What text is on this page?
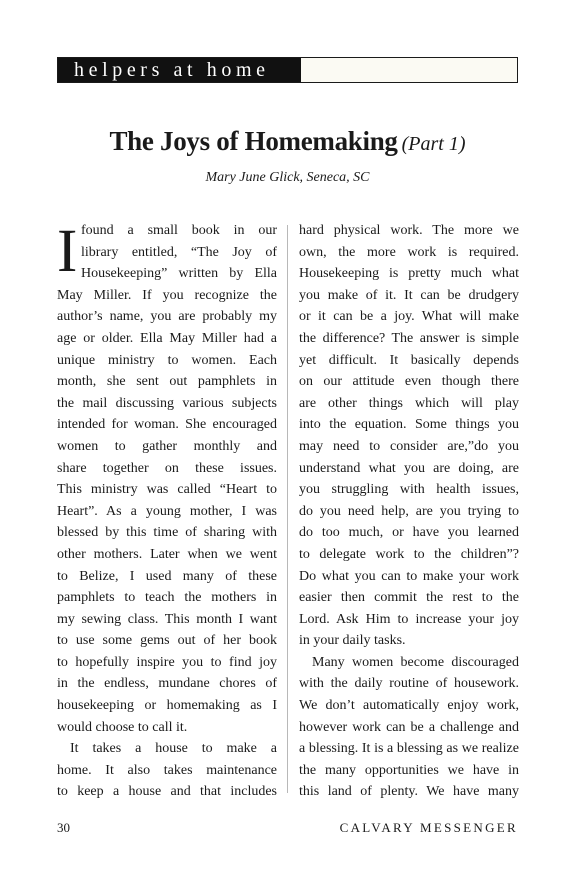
helpers at home
The Joys of Homemaking (Part 1)
Mary June Glick, Seneca, SC
I found a small book in our
library entitled, “The Joy of
Housekeeping” written by Ella
May Miller. If you recognize the
author’s name, you are probably my
age or older. Ella May Miller had a
unique ministry to women. Each
month, she sent out pamphlets in
the mail discussing various subjects
intended for woman. She encouraged
women to gather monthly and
share together on these issues.
This ministry was called “Heart to
Heart”. As a young mother, I was
blessed by this time of sharing with
other mothers. Later when we went
to Belize, I used many of these
pamphlets to teach the mothers in
my sewing class. This month I want
to use some gems out of her book
to hopefully inspire you to find joy
in the endless, mundane chores of
housekeeping or homemaking as I
would choose to call it.
It takes a house to make a
home. It also takes maintenance
to keep a house and that includes
hard physical work. The more we
own, the more work is required.
Housekeeping is pretty much what
you make of it. It can be drudgery
or it can be a joy. What will make
the difference? The answer is simple
yet difficult. It basically depends
on our attitude even though there
are other things which will play
into the equation. Some things you
may need to consider are,”do you
understand what you are doing, are
you struggling with health issues,
do you need help, are you trying to
do too much, or have you learned
to delegate work to the children”?
Do what you can to make your work
easier then commit the rest to the
Lord. Ask Him to increase your joy
in your daily tasks.
Many women become discouraged
with the daily routine of housework.
We don’t automatically enjoy work,
however work can be a challenge and
a blessing. It is a blessing as we realize
the many opportunities we have in
this land of plenty. We have many
30	CALVARY MESSENGER
